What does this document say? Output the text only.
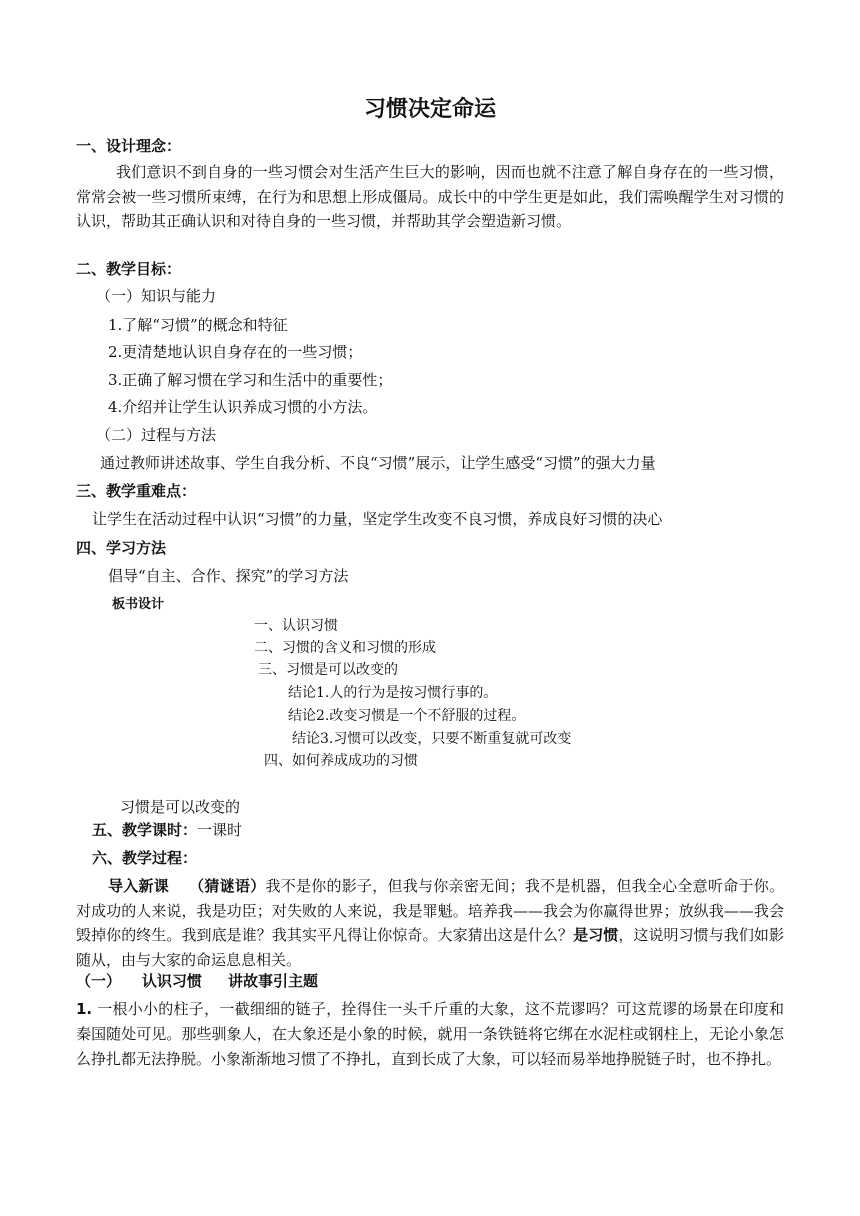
习惯决定命运
一、设计理念：
我们意识不到自身的一些习惯会对生活产生巨大的影响，因而也就不注意了解自身存在的一些习惯，常常会被一些习惯所束缚，在行为和思想上形成僵局。成长中的中学生更是如此，我们需唤醒学生对习惯的认识，帮助其正确认识和对待自身的一些习惯，并帮助其学会塑造新习惯。
二、教学目标：
（一）知识与能力
1.了解“习惯”的概念和特征
2.更清楚地认识自身存在的一些习惯；
3.正确了解习惯在学习和生活中的重要性；
4.介绍并让学生认识养成习惯的小方法。
（二）过程与方法
通过教师讲述故事、学生自我分析、不良“习惯”展示，让学生感受“习惯”的强大力量
三、教学重难点：
让学生在活动过程中认识“习惯”的力量，坚定学生改变不良习惯，养成良好习惯的决心
四、学习方法
倡导“自主、合作、探究”的学习方法
板书设计
一、认识习惯
二、习惯的含义和习惯的形成
三、习惯是可以改变的
结论1.人的行为是按习惯行事的。
结论2.改变习惯是一个不舒服的过程。
结论3.习惯可以改变，只要不断重复就可改变
四、如何养成成功的习惯
习惯是可以改变的
五、教学课时：一课时
六、教学过程：
导入新课 （猜谜语）我不是你的影子，但我与你亲密无间；我不是机器，但我全心全意听命于你。对成功的人来说，我是功臣；对失败的人来说，我是罪魁。培养我——我会为你赢得世界；放纵我——我会毁掉你的终生。我到底是谁？我其实平凡得让你惊奇。大家猜出这是什么？是习惯，这说明习惯与我们如影随从，由与大家的命运息息相关。
（一） 认识习惯 讲故事引主题
1. 一根小小的柱子，一截细细的链子，拴得住一头千斤重的大象，这不荒谬吗？可这荒谬的场景在印度和秦国随处可见。那些驯象人，在大象还是小象的时候，就用一条铁链将它绑在水泥柱或钢柱上，无论小象怎么挣扎都无法挣脱。小象渐渐地习惯了不挣扎，直到长成了大象，可以轻而易举地挣脱链子时，也不挣扎。
